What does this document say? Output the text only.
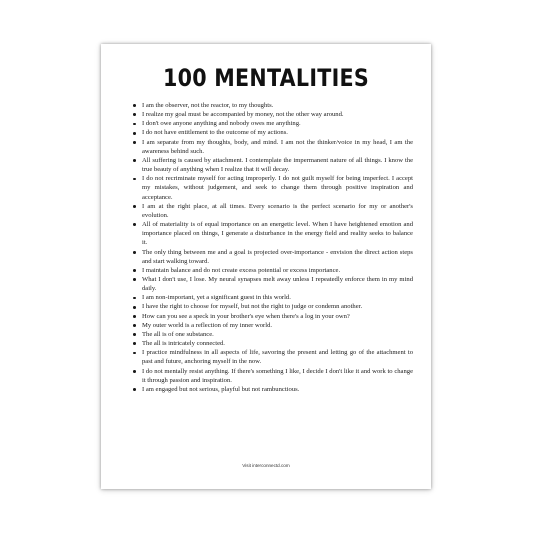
100 MENTALITIES
I am the observer, not the reactor, to my thoughts.
I realize my goal must be accompanied by money, not the other way around.
I don't owe anyone anything and nobody owes me anything.
I do not have entitlement to the outcome of my actions.
I am separate from my thoughts, body, and mind. I am not the thinker/voice in my head, I am the awareness behind such.
All suffering is caused by attachment. I contemplate the impermanent nature of all things. I know the true beauty of anything when I realize that it will decay.
I do not recriminate myself for acting improperly. I do not guilt myself for being imperfect. I accept my mistakes, without judgement, and seek to change them through positive inspiration and acceptance.
I am at the right place, at all times. Every scenario is the perfect scenario for my or another's evolution.
All of materiality is of equal importance on an energetic level. When I have heightened emotion and importance placed on things, I generate a disturbance in the energy field and reality seeks to balance it.
The only thing between me and a goal is projected over-importance - envision the direct action steps and start walking toward.
I maintain balance and do not create excess potential or excess importance.
What I don't use, I lose. My neural synapses melt away unless I repeatedly enforce them in my mind daily.
I am non-important, yet a significant guest in this world.
I have the right to choose for myself, but not the right to judge or condemn another.
How can you see a speck in your brother's eye when there's a log in your own?
My outer world is a reflection of my inner world.
The all is of one substance.
The all is intricately connected.
I practice mindfulness in all aspects of life, savoring the present and letting go of the attachment to past and future, anchoring myself in the now.
I do not mentally resist anything. If there's something I like, I decide I don't like it and work to change it through passion and inspiration.
I am engaged but not serious, playful but not rambunctious.
Visit interconnectd.com
